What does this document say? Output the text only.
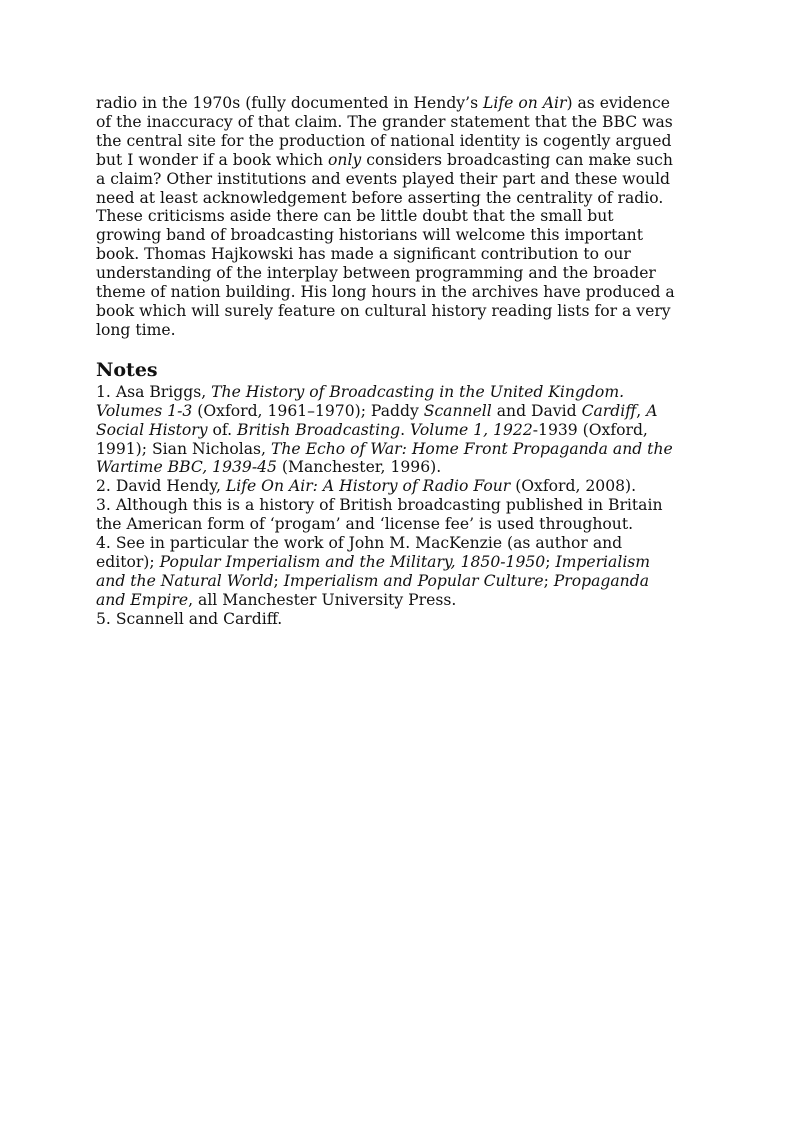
radio in the 1970s (fully documented in Hendy’s Life on Air) as evidence
of the inaccuracy of that claim. The grander statement that the BBC was
the central site for the production of national identity is cogently argued
but I wonder if a book which only considers broadcasting can make such
a claim? Other institutions and events played their part and these would
need at least acknowledgement before asserting the centrality of radio.
These criticisms aside there can be little doubt that the small but
growing band of broadcasting historians will welcome this important
book. Thomas Hajkowski has made a significant contribution to our
understanding of the interplay between programming and the broader
theme of nation building. His long hours in the archives have produced a
book which will surely feature on cultural history reading lists for a very
long time.
Notes
1. Asa Briggs, The History of Broadcasting in the United Kingdom.
Volumes 1-3 (Oxford, 1961–1970); Paddy Scannell and David Cardiff, A
Social History of. British Broadcasting. Volume 1, 1922-1939 (Oxford,
1991); Sian Nicholas, The Echo of War: Home Front Propaganda and the
Wartime BBC, 1939-45 (Manchester, 1996).
2. David Hendy, Life On Air: A History of Radio Four (Oxford, 2008).
3. Although this is a history of British broadcasting published in Britain
the American form of ‘progam’ and ‘license fee’ is used throughout.
4. See in particular the work of John M. MacKenzie (as author and
editor); Popular Imperialism and the Military, 1850-1950; Imperialism
and the Natural World; Imperialism and Popular Culture; Propaganda
and Empire, all Manchester University Press.
5. Scannell and Cardiff.
